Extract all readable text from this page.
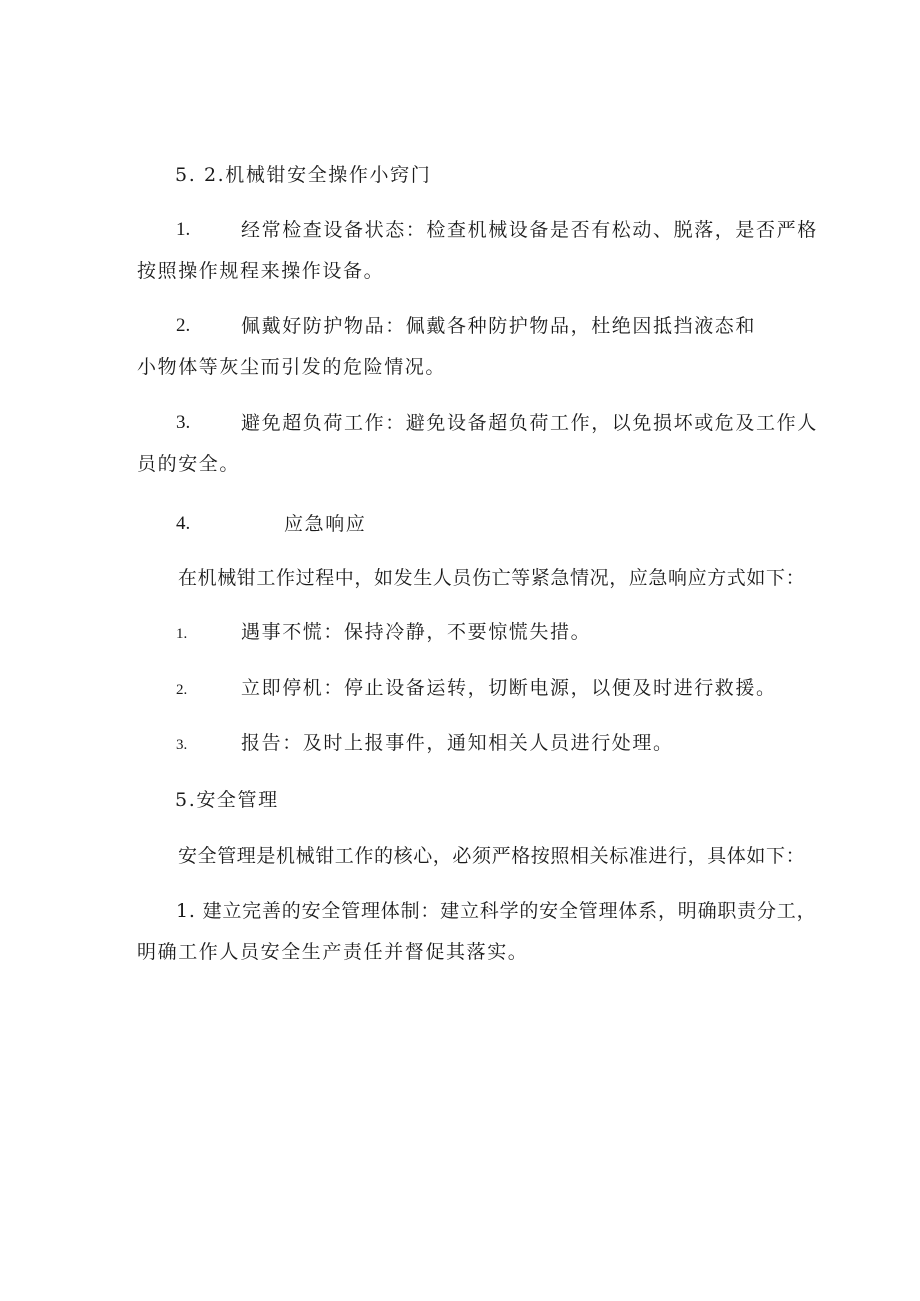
5. 2.机械钳安全操作小窍门
1.	经常检查设备状态：检查机械设备是否有松动、脱落，是否严格
按照操作规程来操作设备。
2.	佩戴好防护物品：佩戴各种防护物品，杜绝因抵挡液态和
小物体等灰尘而引发的危险情况。
3.	避免超负荷工作：避免设备超负荷工作，以免损坏或危及工作人
员的安全。
4.	应急响应
在机械钳工作过程中，如发生人员伤亡等紧急情况，应急响应方式如下：
1.	遇事不慌：保持冷静，不要惊慌失措。
2.	立即停机：停止设备运转，切断电源，以便及时进行救援。
3.	报告：及时上报事件，通知相关人员进行处理。
5.安全管理
安全管理是机械钳工作的核心，必须严格按照相关标准进行，具体如下：
1. 建立完善的安全管理体制：建立科学的安全管理体系，明确职责分工，
明确工作人员安全生产责任并督促其落实。
